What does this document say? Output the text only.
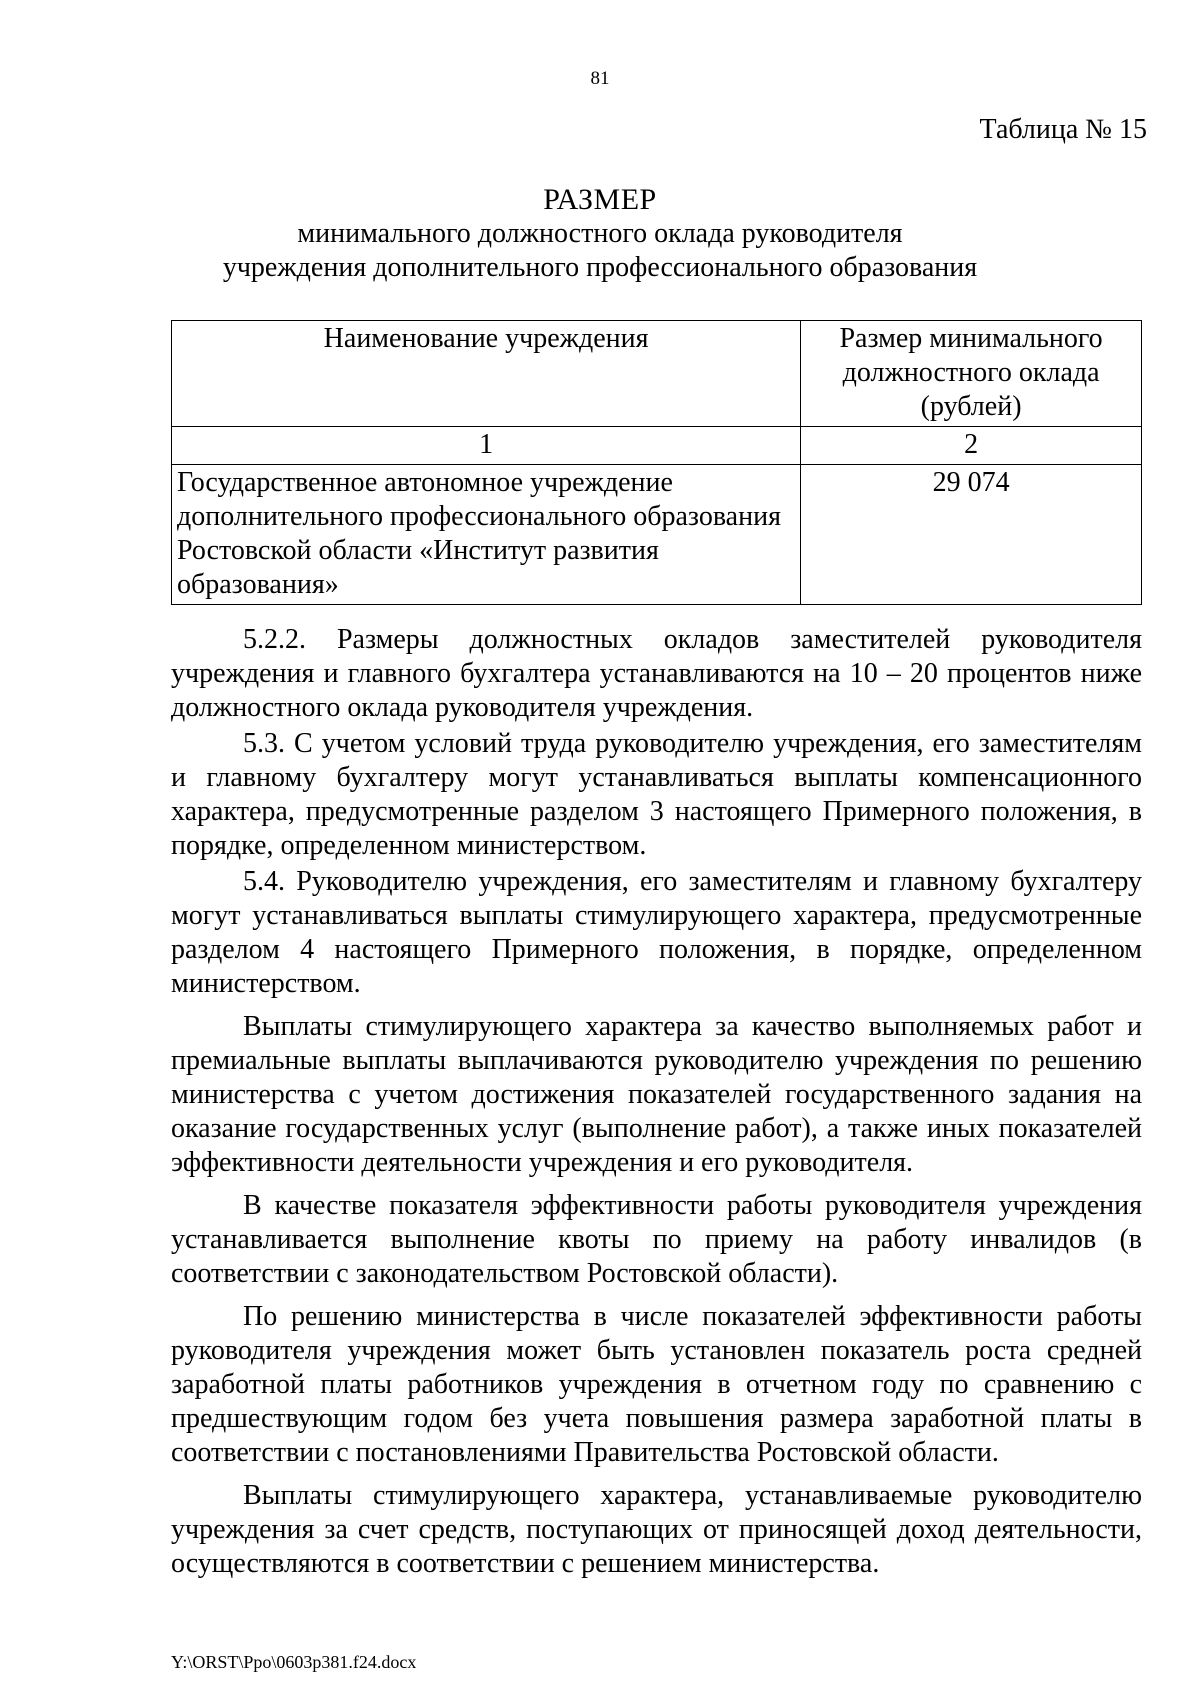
81
Таблица № 15
РАЗМЕР
минимального должностного оклада руководителя
учреждения дополнительного профессионального образования
Наименование учреждения	Размер минимального должностного оклада (рублей)
1	2
Государственное автономное учреждение дополнительного профессионального образования Ростовской области «Институт развития образования»	29 074

5.2.2. Размеры должностных окладов заместителей руководителя учреждения и главного бухгалтера устанавливаются на 10 – 20 процентов ниже должностного оклада руководителя учреждения.

5.3. С учетом условий труда руководителю учреждения, его заместителям и главному бухгалтеру могут устанавливаться выплаты компенсационного характера, предусмотренные разделом 3 настоящего Примерного положения, в порядке, определенном министерством.

5.4. Руководителю учреждения, его заместителям и главному бухгалтеру могут устанавливаться выплаты стимулирующего характера, предусмотренные разделом 4 настоящего Примерного положения, в порядке, определенном министерством.

Выплаты стимулирующего характера за качество выполняемых работ и премиальные выплаты выплачиваются руководителю учреждения по решению министерства с учетом достижения показателей государственного задания на оказание государственных услуг (выполнение работ), а также иных показателей эффективности деятельности учреждения и его руководителя.

В качестве показателя эффективности работы руководителя учреждения устанавливается выполнение квоты по приему на работу инвалидов (в соответствии с законодательством Ростовской области).

По решению министерства в числе показателей эффективности работы руководителя учреждения может быть установлен показатель роста средней заработной платы работников учреждения в отчетном году по сравнению с предшествующим годом без учета повышения размера заработной платы в соответствии с постановлениями Правительства Ростовской области.

Выплаты стимулирующего характера, устанавливаемые руководителю учреждения за счет средств, поступающих от приносящей доход деятельности, осуществляются в соответствии с решением министерства.

Y:\ORST\Ppo\0603p381.f24.docx
